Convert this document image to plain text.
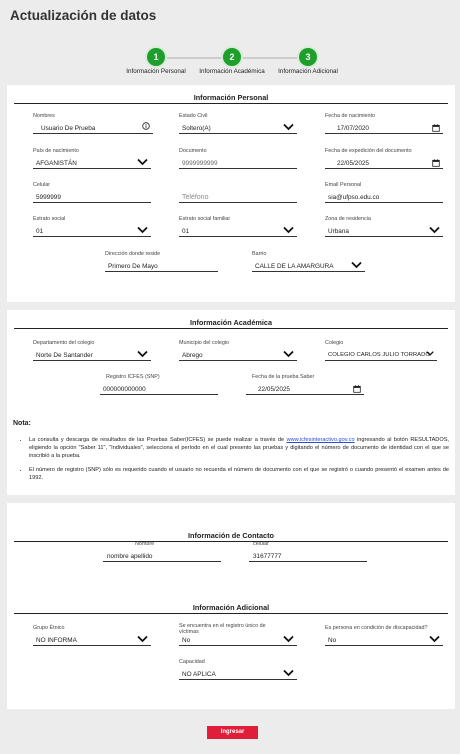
Actualización de datos
1
Información Personal
2
Información Académica
3
Información Adicional
Información Personal
Nombres
Usuario De Prueba
Estado Civil
Soltero(A)
Fecha de nacimiento
17/07/2020
País de nacimiento
AFGANISTÁN
Documento
9999999999
Fecha de expedición del documento
22/05/2025
Celular
5999999	Teléfono
Email Personal
sia@ufpso.edu.co
Estrato social
01
Estrato social familiar
01
Zona de residencia
Urbana
Dirección donde reside
Primero De Mayo
Barrio
CALLE DE LA AMARGURA
Información Académica
Departamento del colegio
Norte De Santander
Municipio del colegio
Abrego
Colegio
COLEGIO CARLOS JULIO TORRADO
Registro ICFES (SNP)
000000000000
Fecha de la prueba Saber
22/05/2025
Nota:
• La consulta y descarga de resultados de las Pruebas Saber(ICFES) se puede realizar a través de www.icfesinteractivo.gov.co ingresando al botón RESULTADOS, eligiendo la opción "Saber 11", "Individuales", selecciona el período en el cual presento las pruebas y digitando el número de documento de identidad con el que se inscribió a la prueba.
• El número de registro (SNP) sólo es requerido cuando el usuario no recuerda el número de documento con el que se registró o cuando presentó el examen antes de 1992.
Información de Contacto
Nombre
nombre apellido
celular
31677777
Información Adicional
Grupo Étnico
NO INFORMA
Se encuentra en el registro único de víctimas
No
Es persona en condición de discapacidad?
No
Capacidad
NO APLICA
Ingresar
